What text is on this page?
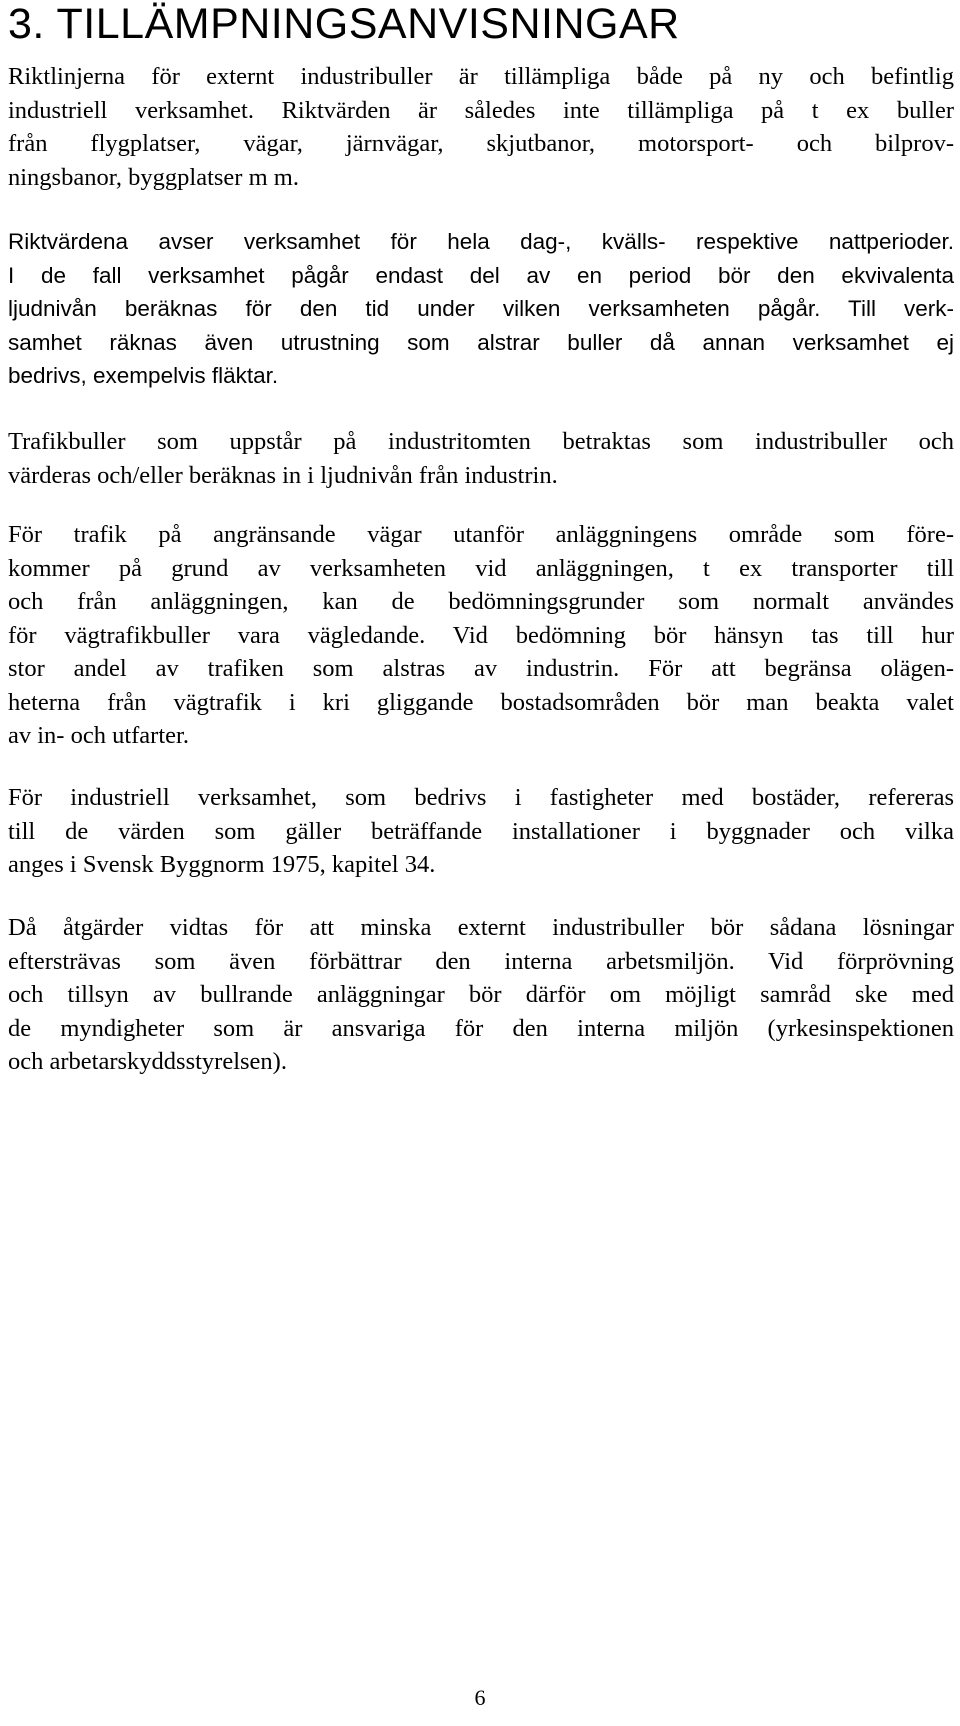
3. TILLÄMPNINGSANVISNINGAR

Riktlinjerna för externt industribuller är tillämpliga både på ny och befintlig
industriell verksamhet. Riktvärden är således inte tillämpliga på t ex buller
från flygplatser, vägar, järnvägar, skjutbanor, motorsport- och bilprov-
ningsbanor, byggplatser m m.

Riktvärdena avser verksamhet för hela dag-, kvälls- respektive nattperioder.
I de fall verksamhet pågår endast del av en period bör den ekvivalenta
ljudnivån beräknas för den tid under vilken verksamheten pågår. Till verk-
samhet räknas även utrustning som alstrar buller då annan verksamhet ej
bedrivs, exempelvis fläktar.

Trafikbuller som uppstår på industritomten betraktas som industribuller och
värderas och/eller beräknas in i ljudnivån från industrin.

För trafik på angränsande vägar utanför anläggningens område som före-
kommer på grund av verksamheten vid anläggningen, t ex transporter till
och från anläggningen, kan de bedömningsgrunder som normalt användes
för vägtrafikbuller vara vägledande. Vid bedömning bör hänsyn tas till hur
stor andel av trafiken som alstras av industrin. För att begränsa olägen-
heterna från vägtrafik i kri gliggande bostadsområden bör man beakta valet
av in- och utfarter.

För industriell verksamhet, som bedrivs i fastigheter med bostäder, refereras
till de värden som gäller beträffande installationer i byggnader och vilka
anges i Svensk Byggnorm 1975, kapitel 34.

Då åtgärder vidtas för att minska externt industribuller bör sådana lösningar
eftersträvas som även förbättrar den interna arbetsmiljön. Vid förprövning
och tillsyn av bullrande anläggningar bör därför om möjligt samråd ske med
de myndigheter som är ansvariga för den interna miljön (yrkesinspektionen
och arbetarskyddsstyrelsen).

6
